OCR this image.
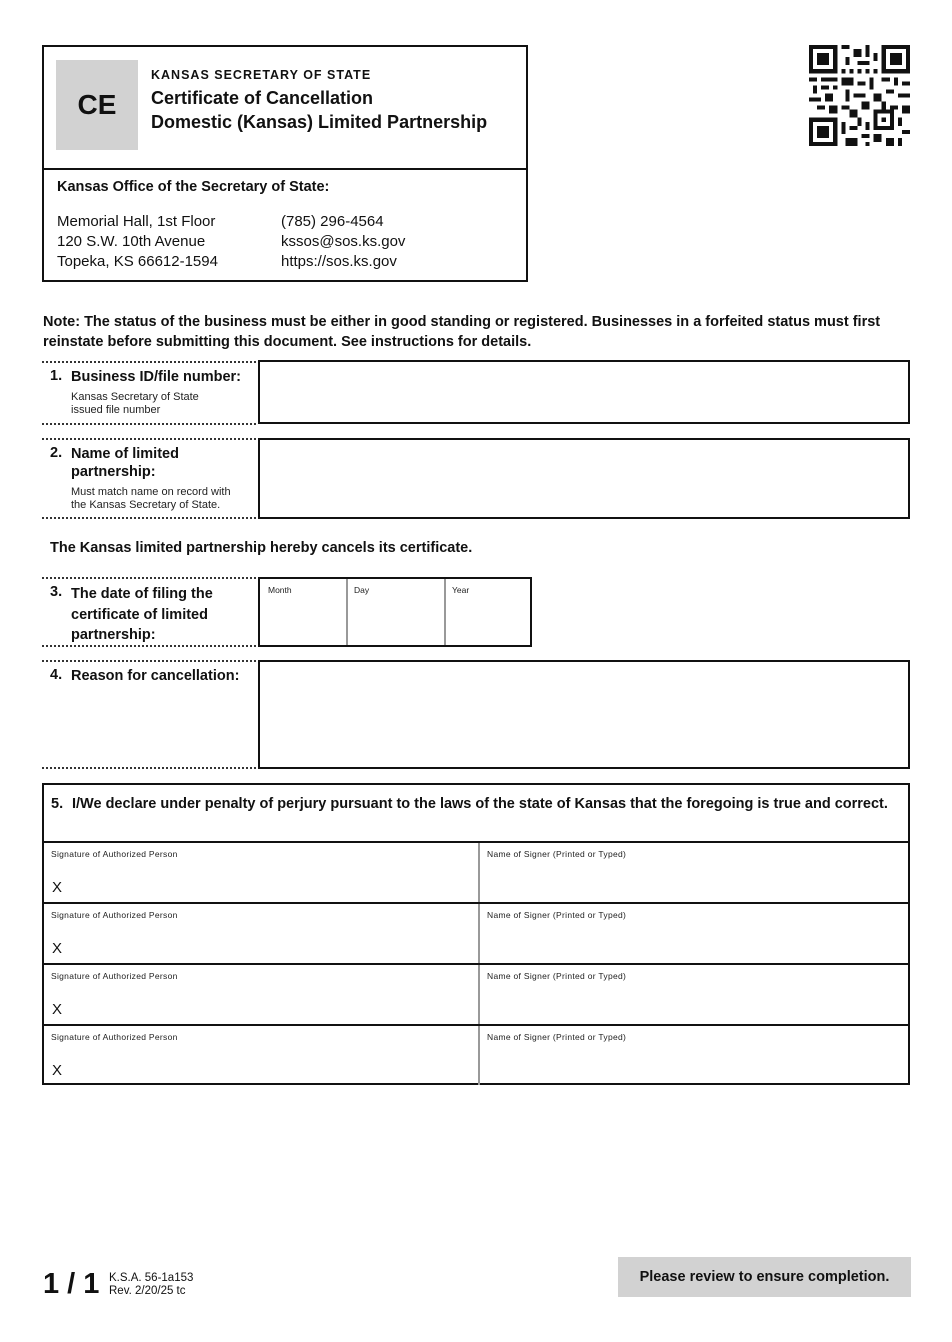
CE
KANSAS SECRETARY OF STATE
Certificate of Cancellation
Domestic (Kansas) Limited Partnership
Kansas Office of the Secretary of State:
Memorial Hall, 1st Floor
120 S.W. 10th Avenue
Topeka, KS 66612-1594
(785) 296-4564
kssos@sos.ks.gov
https://sos.ks.gov
Note: The status of the business must be either in good standing or registered. Businesses in a forfeited status must first reinstate before submitting this document. See instructions for details.
1. Business ID/file number:
Kansas Secretary of State
issued file number
2. Name of limited
partnership:
Must match name on record with
the Kansas Secretary of State.
The Kansas limited partnership hereby cancels its certificate.
3. The date of filing the
certificate of limited
partnership:
Month	Day	Year
4. Reason for cancellation:
5. I/We declare under penalty of perjury pursuant to the laws of the state of Kansas that the foregoing is true and correct.
Signature of Authorized Person
X
Name of Signer (Printed or Typed)
Signature of Authorized Person
X
Name of Signer (Printed or Typed)
Signature of Authorized Person
X
Name of Signer (Printed or Typed)
Signature of Authorized Person
X
Name of Signer (Printed or Typed)
1 / 1 K.S.A. 56-1a153
Rev. 2/20/25 tc
Please review to ensure completion.
